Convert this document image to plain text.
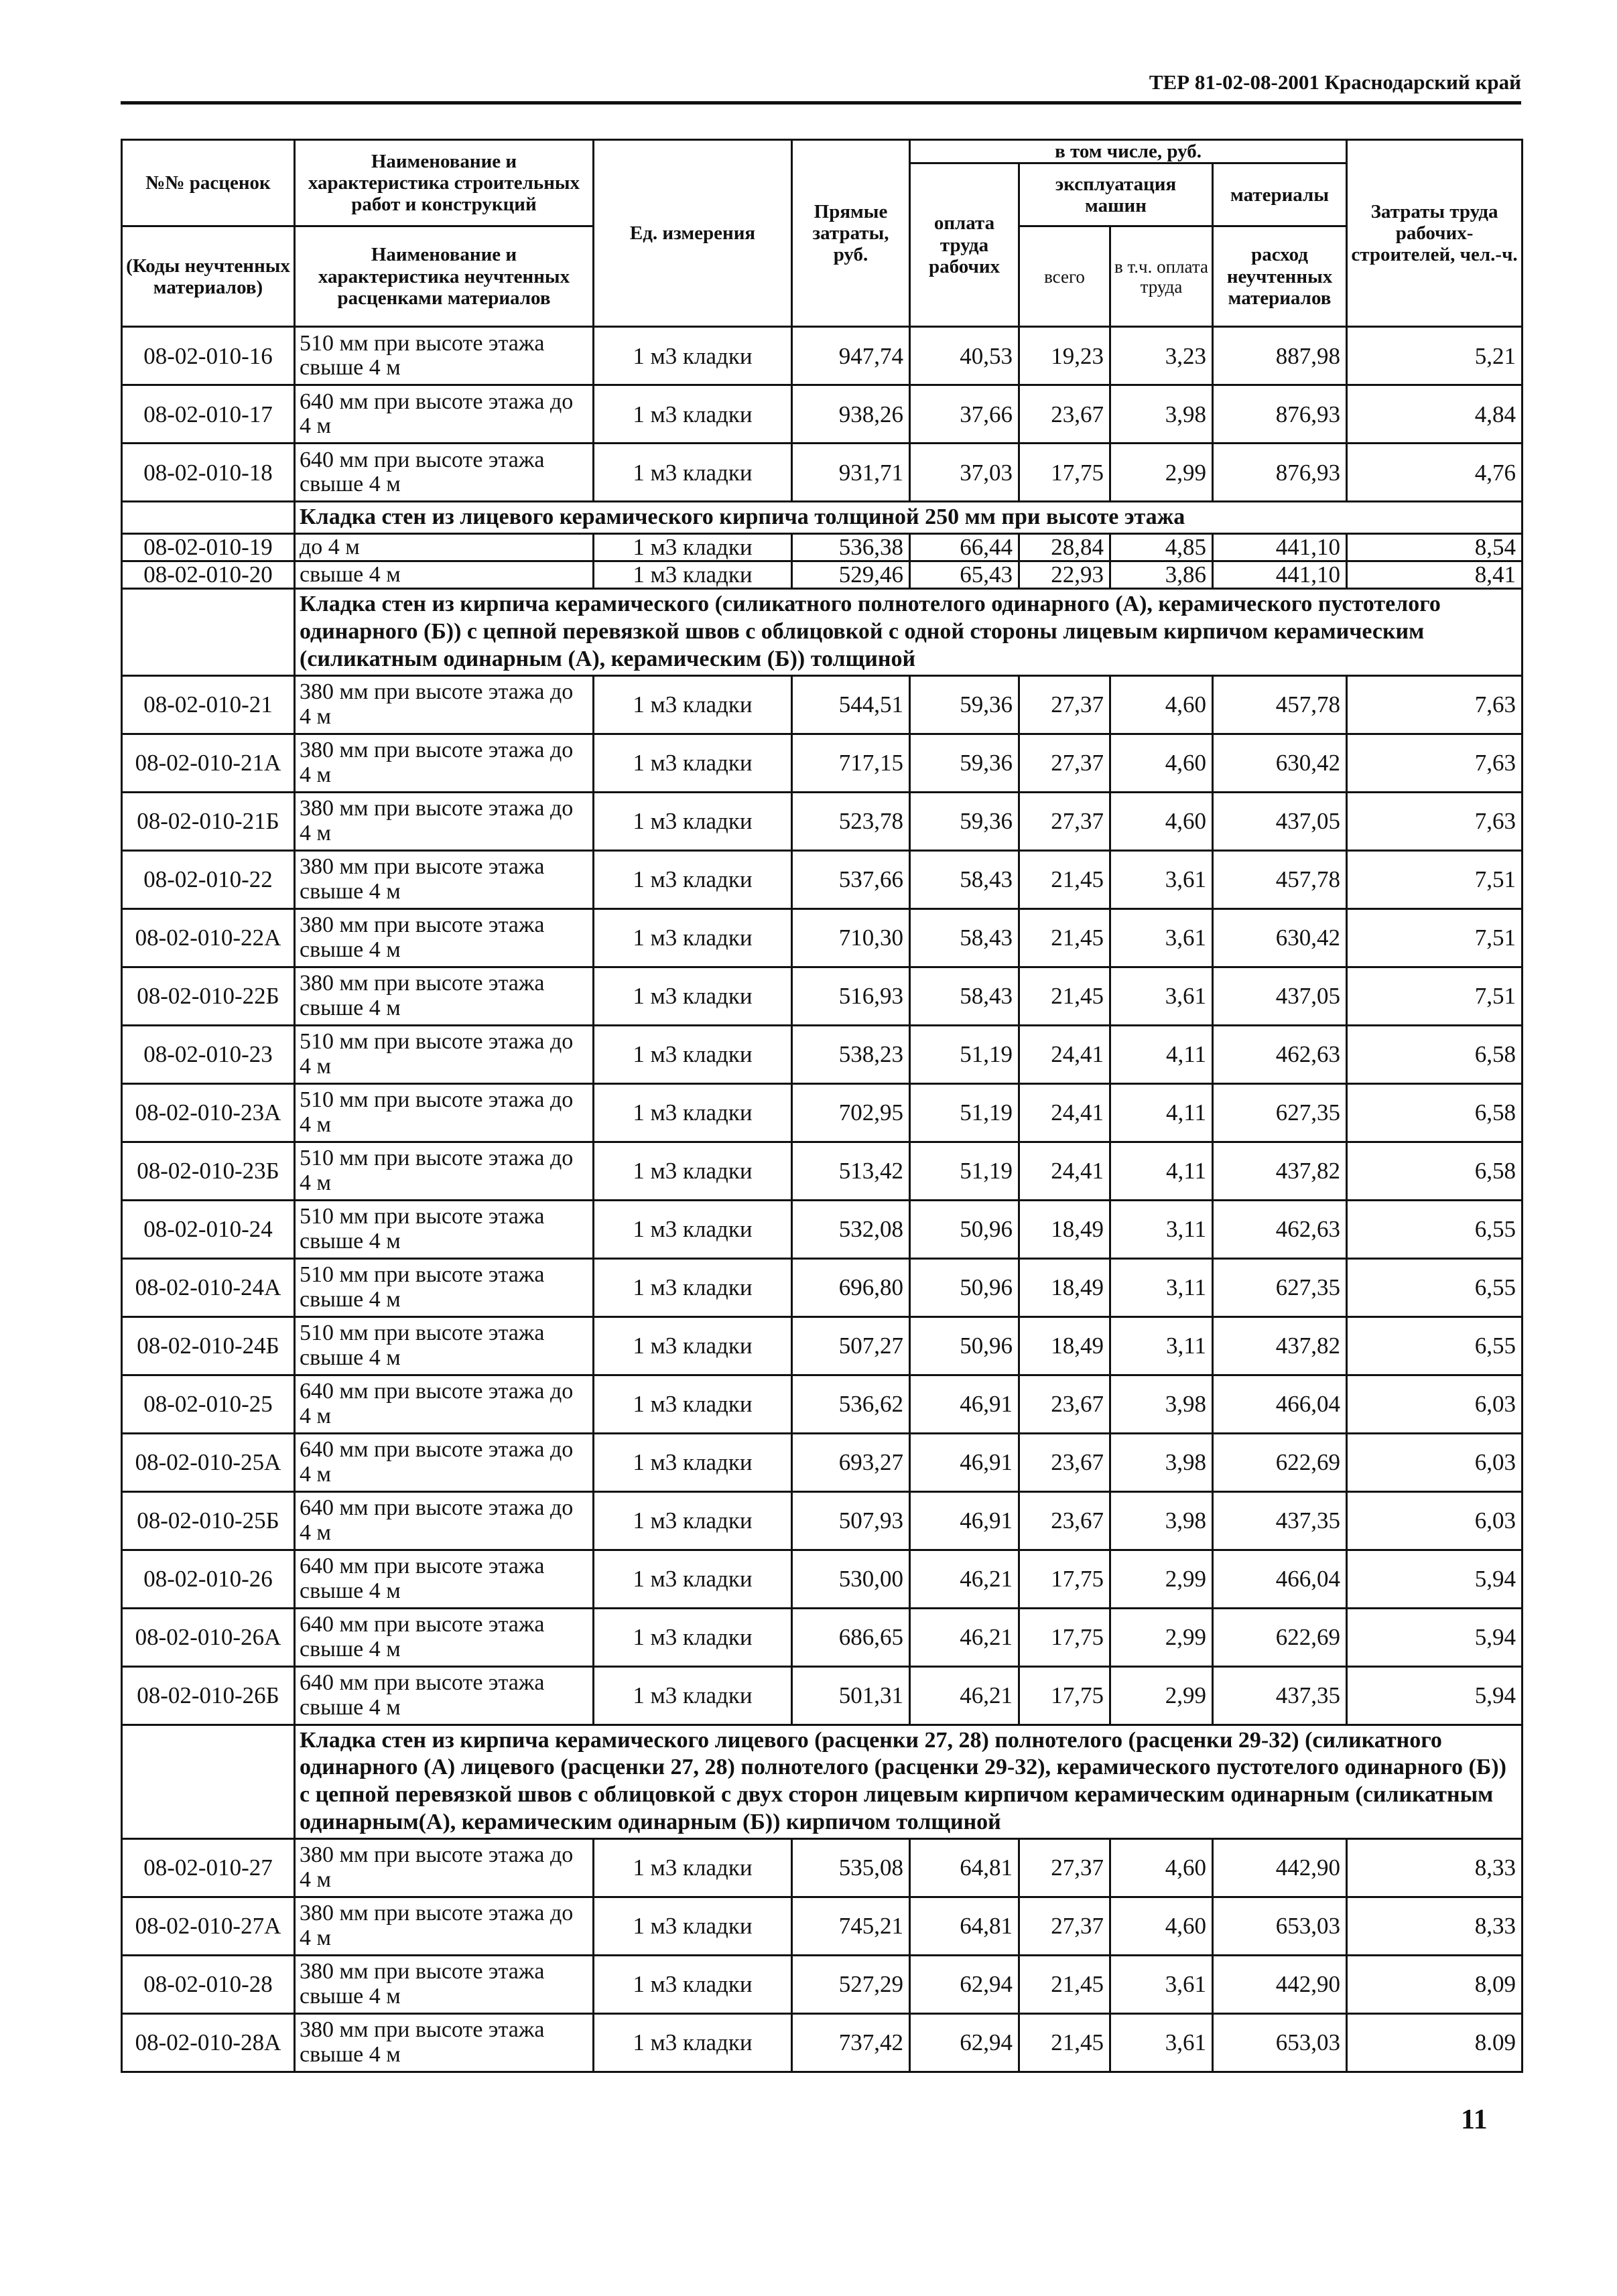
ТЕР 81-02-08-2001 Краснодарский край
№№ расценок	Наименование и характеристика строительных работ и конструкций	Ед. измерения	Прямые затраты, руб.	в том числе, руб.				Затраты труда рабочих-строителей, чел.-ч.
				оплата труда рабочих	эксплуатация машин		материалы	

(Коды неучтенных материалов)	Наименование и характеристика неучтенных расценками материалов				всего	в т.ч. оплата труда	расход неучтенных материалов	

08-02-010-16	510 мм при высоте этажа свыше 4 м	1 м3 кладки	947,74	40,53	19,23	3,23	887,98	5,21
08-02-010-17	640 мм при высоте этажа до 4 м	1 м3 кладки	938,26	37,66	23,67	3,98	876,93	4,84
08-02-010-18	640 мм при высоте этажа свыше 4 м	1 м3 кладки	931,71	37,03	17,75	2,99	876,93	4,76
	Кладка стен из лицевого керамического кирпича толщиной 250 мм при высоте этажа							
08-02-010-19	до 4 м	1 м3 кладки	536,38	66,44	28,84	4,85	441,10	8,54
08-02-010-20	свыше 4 м	1 м3 кладки	529,46	65,43	22,93	3,86	441,10	8,41
	Кладка стен из кирпича керамического (силикатного полнотелого одинарного (А), керамического пустотелого одинарного (Б)) с цепной перевязкой швов с облицовкой с одной стороны лицевым кирпичом керамическим (силикатным одинарным (А), керамическим (Б)) толщиной							
08-02-010-21	380 мм при высоте этажа до 4 м	1 м3 кладки	544,51	59,36	27,37	4,60	457,78	7,63
08-02-010-21А	380 мм при высоте этажа до 4 м	1 м3 кладки	717,15	59,36	27,37	4,60	630,42	7,63
08-02-010-21Б	380 мм при высоте этажа до 4 м	1 м3 кладки	523,78	59,36	27,37	4,60	437,05	7,63
08-02-010-22	380 мм при высоте этажа свыше 4 м	1 м3 кладки	537,66	58,43	21,45	3,61	457,78	7,51
08-02-010-22А	380 мм при высоте этажа свыше 4 м	1 м3 кладки	710,30	58,43	21,45	3,61	630,42	7,51
08-02-010-22Б	380 мм при высоте этажа свыше 4 м	1 м3 кладки	516,93	58,43	21,45	3,61	437,05	7,51
08-02-010-23	510 мм при высоте этажа до 4 м	1 м3 кладки	538,23	51,19	24,41	4,11	462,63	6,58
08-02-010-23А	510 мм при высоте этажа до 4 м	1 м3 кладки	702,95	51,19	24,41	4,11	627,35	6,58
08-02-010-23Б	510 мм при высоте этажа до 4 м	1 м3 кладки	513,42	51,19	24,41	4,11	437,82	6,58
08-02-010-24	510 мм при высоте этажа свыше 4 м	1 м3 кладки	532,08	50,96	18,49	3,11	462,63	6,55
08-02-010-24А	510 мм при высоте этажа свыше 4 м	1 м3 кладки	696,80	50,96	18,49	3,11	627,35	6,55
08-02-010-24Б	510 мм при высоте этажа свыше 4 м	1 м3 кладки	507,27	50,96	18,49	3,11	437,82	6,55
08-02-010-25	640 мм при высоте этажа до 4 м	1 м3 кладки	536,62	46,91	23,67	3,98	466,04	6,03
08-02-010-25А	640 мм при высоте этажа до 4 м	1 м3 кладки	693,27	46,91	23,67	3,98	622,69	6,03
08-02-010-25Б	640 мм при высоте этажа до 4 м	1 м3 кладки	507,93	46,91	23,67	3,98	437,35	6,03
08-02-010-26	640 мм при высоте этажа свыше 4 м	1 м3 кладки	530,00	46,21	17,75	2,99	466,04	5,94
08-02-010-26А	640 мм при высоте этажа свыше 4 м	1 м3 кладки	686,65	46,21	17,75	2,99	622,69	5,94
08-02-010-26Б	640 мм при высоте этажа свыше 4 м	1 м3 кладки	501,31	46,21	17,75	2,99	437,35	5,94
	Кладка стен из кирпича керамического лицевого (расценки 27, 28) полнотелого (расценки 29-32) (силикатного одинарного (А) лицевого (расценки 27, 28) полнотелого (расценки 29-32), керамического пустотелого одинарного (Б)) с цепной перевязкой швов с облицовкой с двух сторон лицевым кирпичом керамическим одинарным (силикатным одинарным(А), керамическим одинарным (Б)) кирпичом толщиной							
08-02-010-27	380 мм при высоте этажа до 4 м	1 м3 кладки	535,08	64,81	27,37	4,60	442,90	8,33
08-02-010-27А	380 мм при высоте этажа до 4 м	1 м3 кладки	745,21	64,81	27,37	4,60	653,03	8,33
08-02-010-28	380 мм при высоте этажа свыше 4 м	1 м3 кладки	527,29	62,94	21,45	3,61	442,90	8,09
08-02-010-28А	380 мм при высоте этажа свыше 4 м	1 м3 кладки	737,42	62,94	21,45	3,61	653,03	8.09
11
